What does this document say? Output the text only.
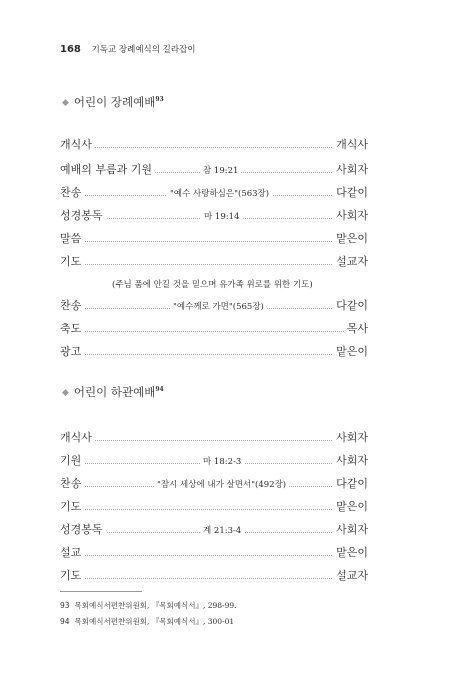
168 기독교 장례예식의 길라잡이
◆ 어린이 장례예배$^{93}$
개식사	개식사
예배의 부름과 기원	잠 19:21	사회자
찬송	"예수 사랑하심은"(563장)	다같이
성경봉독	마 19:14	사회자
말씀	맡은이
기도	설교자
(주님 품에 안길 것을 믿으며 유가족 위로를 위한 기도)
찬송	"예수께로 가면"(565장)	다같이
축도	목사
광고	맡은이
◆ 어린이 하관예배$^{94}$
개식사	사회자
기원	마 18:2-3	사회자
찬송	"잠시 세상에 내가 살면서"(492장)	다같이
기도	맡은이
성경봉독	계 21:3-4	사회자
설교	맡은이
기도	설교자
93 목회예식서편찬위원회, 『목회예식서』, 298-99.
94 목회예식서편찬위원회, 『목회예식서』, 300-01
